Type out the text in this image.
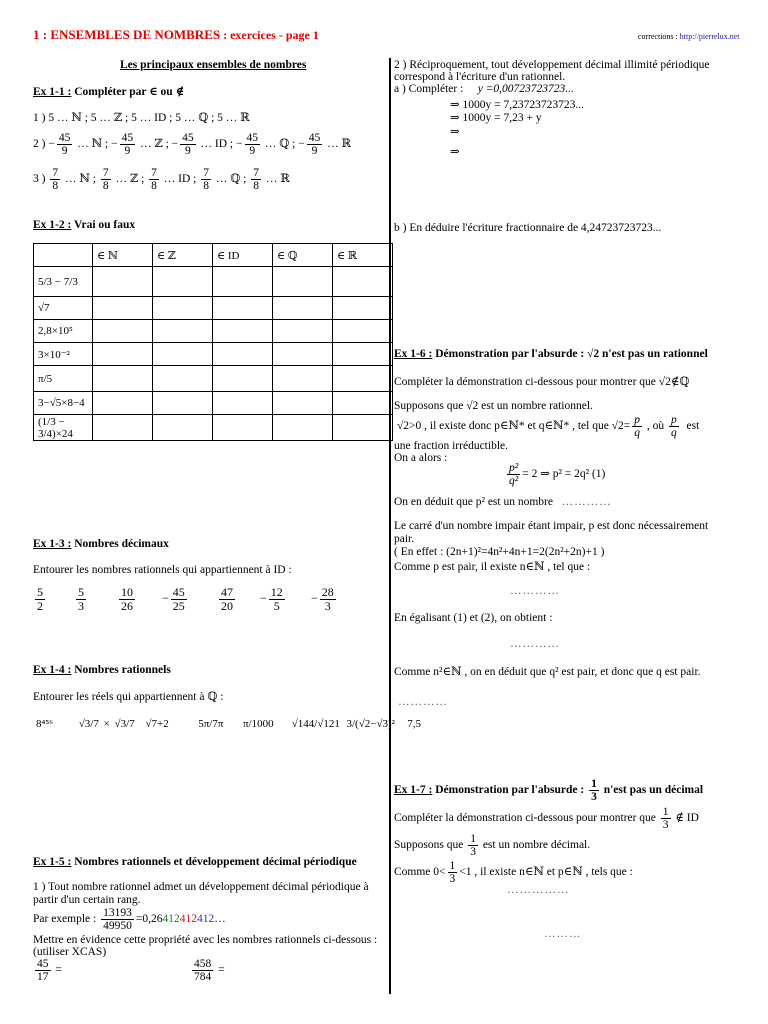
1 : ENSEMBLES DE NOMBRES : exercices - page 1	corrections : http://pierrelux.net
Les principaux ensembles de nombres
Ex 1-1 : Compléter par ∈ ou ∉
1 ) 5 … ℕ ; 5 … ℤ ; 5 … ID ; 5 … ℚ ; 5 … ℝ
2 ) − $\frac{45}{9}$ … ℕ ; − $\frac{45}{9}$ … ℤ ; − $\frac{45}{9}$ … ID ; − $\frac{45}{9}$ … ℚ ; − $\frac{45}{9}$ … ℝ
3 ) $\frac{7}{8}$ … ℕ ; $\frac{7}{8}$ … ℤ ; $\frac{7}{8}$ … ID ; $\frac{7}{8}$ … ℚ ; $\frac{7}{8}$ … ℝ
Ex 1-2 : Vrai ou faux
	∈ ℕ	∈ ℤ	∈ ID	∈ ℚ	∈ ℝ
5/3 − 7/3					
√7					
2,8×10⁵					
3×10⁻²					
π/5					
3−√5×8−4					
(1/3 − 3/4)×24					
Ex 1-3 : Nombres décimaux
Entourer les nombres rationnels qui appartiennent à ID :
$\frac{5}{2}$
	$\frac{5}{3}$
	$\frac{10}{26} - \frac{45}{25}$
	$\frac{47}{20} - \frac{12}{5} - \frac{28}{3}$
Ex 1-4 : Nombres rationnels
Entourer les réels qui appartiennent à ℚ :
8⁴⁵⁶ √3/7 × √3/7 √7+2	5π/7π π/1000 √144/√121 3/(√2−√3)² 7,5
Ex 1-5 : Nombres rationnels et développement décimal périodique
1 ) Tout nombre rationnel admet un développement décimal périodique à
partir d'un certain rang.
Par exemple : $\frac{13193}{49950}$ =0,26412412412…
Mettre en évidence cette propriété avec les nombres rationnels ci-dessous :
(utiliser XCAS)
$\frac{45}{17}$ =	$\frac{458}{784}$ =
2 ) Réciproquement, tout développement décimal illimité périodique
correspond à l'écriture d'un rationnel.
a ) Compléter : y =0,00723723723...
⇒ 1000y = 7,23723723723...
⇒ 1000y = 7,23 + y
⇒
⇒
b ) En déduire l'écriture fractionnaire de 4,24723723723...
Ex 1-6 : Démonstration par l'absurde : √2 n'est pas un rationnel
Compléter la démonstration ci-dessous pour montrer que √2∉ℚ
Supposons que √2 est un nombre rationnel.
√2>0 , il existe donc p∈ℕ* et q∈ℕ* , tel que $√2= \frac{p}{q}$ , où $\frac{p}{q}$ est
une fraction irréductible.
On a alors :
$\frac{\text{p²}}{\text{q²}} = 2$ ⇒ p² = 2q² (1)
On en déduit que p² est un nombre …………
Le carré d'un nombre impair étant impair, p est donc nécessairement
pair.
( En effet : (2n+1)²=4n²+4n+1=2(2n²+2n)+1 )
Comme p est pair, il existe n∈ℕ , tel que :
…………
En égalisant (1) et (2), on obtient :
…………
Comme n²∈ℕ , on en déduit que q² est pair, et donc que q est pair.
…………
Ex 1-7 : Démonstration par l'absurde : $\frac{1}{3} n'est$ pas un décimal
Compléter la démonstration ci-dessous pour montrer que $\frac{1}{3}$ ∉ ID
Supposons que $\frac{1}{3}$ est un nombre décimal.
Comme $0< \frac{1}{3} <1$ , il existe n∈ℕ et p∈ℕ , tels que :
……………
………
